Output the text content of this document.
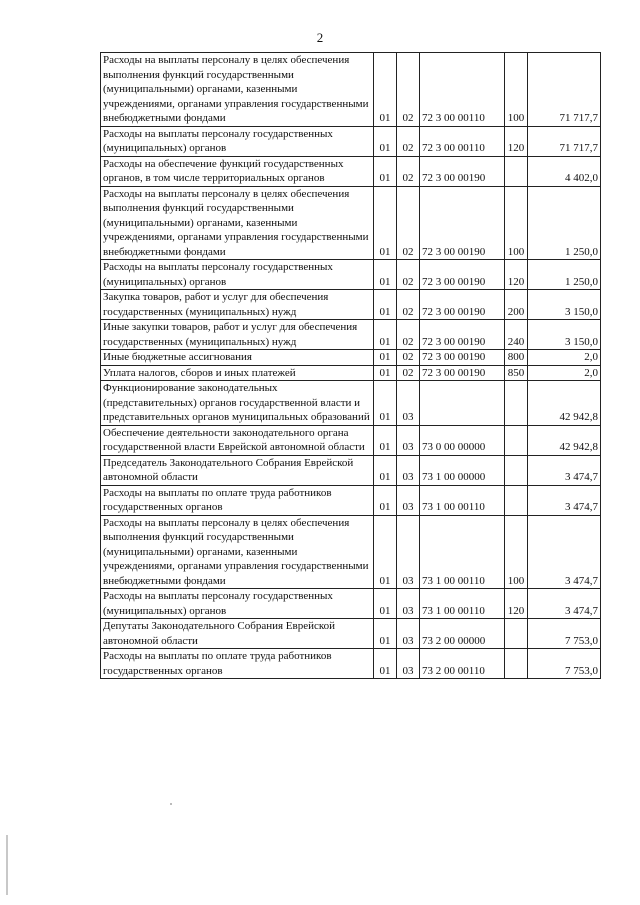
2
Расходы на выплаты персоналу в целях обеспечения выполнения функций государственными (муниципальными) органами, казенными учреждениями, органами управления государственными внебюджетными фондами	01	02	72 3 00 00110	100	71 717,7
Расходы на выплаты персоналу государственных (муниципальных) органов	01	02	72 3 00 00110	120	71 717,7
Расходы на обеспечение функций государственных органов, в том числе территориальных органов	01	02	72 3 00 00190		4 402,0
Расходы на выплаты персоналу в целях обеспечения выполнения функций государственными (муниципальными) органами, казенными учреждениями, органами управления государственными внебюджетными фондами	01	02	72 3 00 00190	100	1 250,0
Расходы на выплаты персоналу государственных (муниципальных) органов	01	02	72 3 00 00190	120	1 250,0
Закупка товаров, работ и услуг для обеспечения государственных (муниципальных) нужд	01	02	72 3 00 00190	200	3 150,0
Иные закупки товаров, работ и услуг для обеспечения государственных (муниципальных) нужд	01	02	72 3 00 00190	240	3 150,0
Иные бюджетные ассигнования	01	02	72 3 00 00190	800	2,0
Уплата налогов, сборов и иных платежей	01	02	72 3 00 00190	850	2,0
Функционирование законодательных (представительных) органов государственной власти и представительных органов муниципальных образований	01	03			42 942,8
Обеспечение деятельности законодательного органа государственной власти Еврейской автономной области	01	03	73 0 00 00000		42 942,8
Председатель Законодательного Собрания Еврейской автономной области	01	03	73 1 00 00000		3 474,7
Расходы на выплаты по оплате труда работников государственных органов	01	03	73 1 00 00110		3 474,7
Расходы на выплаты персоналу в целях обеспечения выполнения функций государственными (муниципальными) органами, казенными учреждениями, органами управления государственными внебюджетными фондами	01	03	73 1 00 00110	100	3 474,7
Расходы на выплаты персоналу государственных (муниципальных) органов	01	03	73 1 00 00110	120	3 474,7
Депутаты Законодательного Собрания Еврейской автономной области	01	03	73 2 00 00000		7 753,0
Расходы на выплаты по оплате труда работников государственных органов	01	03	73 2 00 00110		7 753,0
